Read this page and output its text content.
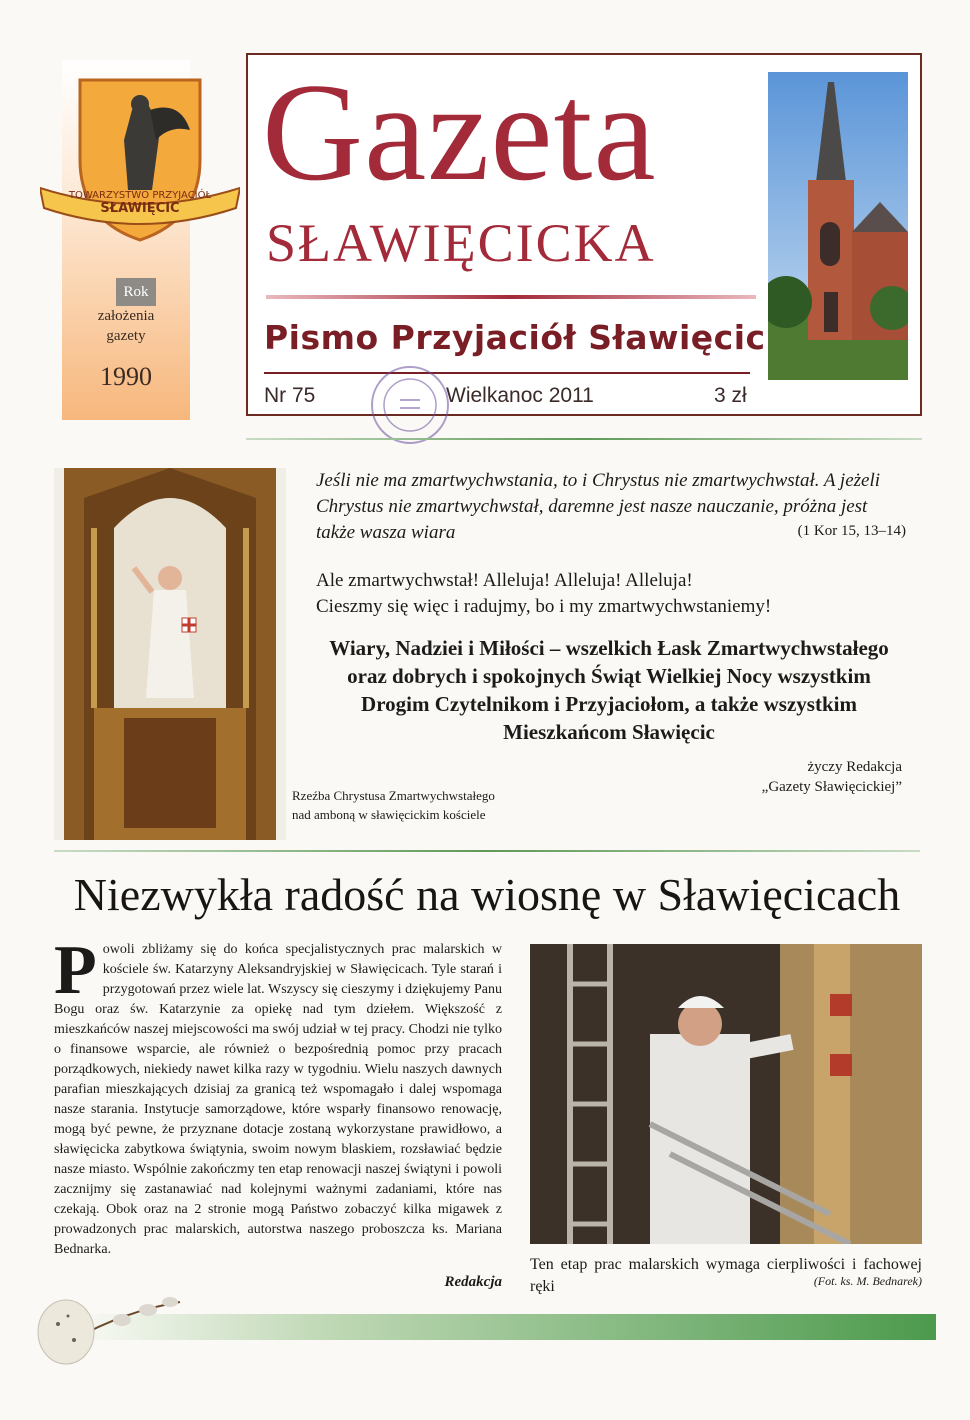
TOWARZYSTWO PRZYJACIÓŁ
SŁAWIĘCIC
Rok
założenia
gazety
1990
Gazeta
SŁAWIĘCICKA
Pismo Przyjaciół Sławięcic
Nr 75	Wielkanoc 2011	3 zł
Rzeźba Chrystusa Zmartwychwstałego
nad amboną w sławięcickim kościele
Jeśli nie ma zmartwychwstania, to i Chrystus nie zmartwychwstał. A jeżeli Chrystus nie zmartwychwstał, daremne jest nasze nauczanie, próżna jest także wasza wiara	(1 Kor 15, 13–14)
Ale zmartwychwstał! Alleluja! Alleluja! Alleluja!
Cieszmy się więc i radujmy, bo i my zmartwychwstaniemy!
Wiary, Nadziei i Miłości – wszelkich Łask Zmartwychwstałego oraz dobrych i spokojnych Świąt Wielkiej Nocy wszystkim Drogim Czytelnikom i Przyjaciołom, a także wszystkim Mieszkańcom Sławięcic
życzy Redakcja
„Gazety Sławięcickiej”
Niezwykła radość na wiosnę w Sławięcicach
P owoli zbliżamy się do końca specjalistycznych prac malarskich w kościele św. Katarzyny Aleksandryjskiej w Sławięcicach. Tyle starań i przygotowań przez wiele lat. Wszyscy się cieszymy i dziękujemy Panu Bogu oraz św. Katarzynie za opiekę nad tym dziełem. Większość z mieszkańców naszej miejscowości ma swój udział w tej pracy. Chodzi nie tylko o finansowe wsparcie, ale również o bezpośrednią pomoc przy pracach porządkowych, niekiedy nawet kilka razy w tygodniu. Wielu naszych dawnych parafian mieszkających dzisiaj za granicą też wspomagało i dalej wspomaga nasze starania. Instytucje samorządowe, które wsparły finansowo renowację, mogą być pewne, że przyznane dotacje zostaną wykorzystane prawidłowo, a sławięcicka zabytkowa świątynia, swoim nowym blaskiem, rozsławiać będzie nasze miasto. Wspólnie zakończmy ten etap renowacji naszej świątyni i powoli zacznijmy się zastanawiać nad kolejnymi ważnymi zadaniami, które nas czekają. Obok oraz na 2 stronie mogą Państwo zobaczyć kilka migawek z prowadzonych prac malarskich, autorstwa naszego proboszcza ks. Mariana Bednarka.
Redakcja
Ten etap prac malarskich wymaga cierpliwości i fachowej ręki	(Fot. ks. M. Bednarek)
